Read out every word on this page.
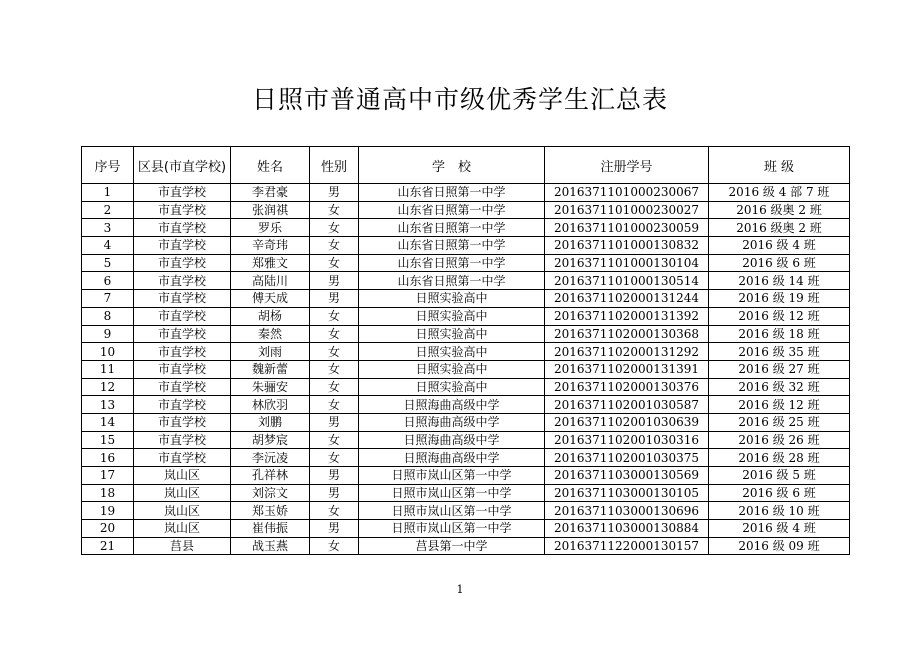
日照市普通高中市级优秀学生汇总表
序号	区县(市直学校)	姓名	性别	学　校	注册学号	班 级
1	市直学校	李君豪	男	山东省日照第一中学	2016371101000230067	2016 级 4 部 7 班
2	市直学校	张润祺	女	山东省日照第一中学	2016371101000230027	2016 级奥 2 班
3	市直学校	罗乐	女	山东省日照第一中学	2016371101000230059	2016 级奥 2 班
4	市直学校	辛奇玮	女	山东省日照第一中学	2016371101000130832	2016 级 4 班
5	市直学校	郑雅文	女	山东省日照第一中学	2016371101000130104	2016 级 6 班
6	市直学校	高陆川	男	山东省日照第一中学	2016371101000130514	2016 级 14 班
7	市直学校	傅天成	男	日照实验高中	2016371102000131244	2016 级 19 班
8	市直学校	胡杨	女	日照实验高中	2016371102000131392	2016 级 12 班
9	市直学校	秦然	女	日照实验高中	2016371102000130368	2016 级 18 班
10	市直学校	刘雨	女	日照实验高中	2016371102000131292	2016 级 35 班
11	市直学校	魏新蕾	女	日照实验高中	2016371102000131391	2016 级 27 班
12	市直学校	朱骊安	女	日照实验高中	2016371102000130376	2016 级 32 班
13	市直学校	林欣羽	女	日照海曲高级中学	2016371102001030587	2016 级 12 班
14	市直学校	刘鹏	男	日照海曲高级中学	2016371102001030639	2016 级 25 班
15	市直学校	胡梦宸	女	日照海曲高级中学	2016371102001030316	2016 级 26 班
16	市直学校	李沅凌	女	日照海曲高级中学	2016371102001030375	2016 级 28 班
17	岚山区	孔祥林	男	日照市岚山区第一中学	2016371103000130569	2016 级 5 班
18	岚山区	刘淙文	男	日照市岚山区第一中学	2016371103000130105	2016 级 6 班
19	岚山区	郑玉娇	女	日照市岚山区第一中学	2016371103000130696	2016 级 10 班
20	岚山区	崔伟振	男	日照市岚山区第一中学	2016371103000130884	2016 级 4 班
21	莒县	战玉燕	女	莒县第一中学	2016371122000130157	2016 级 09 班
1
